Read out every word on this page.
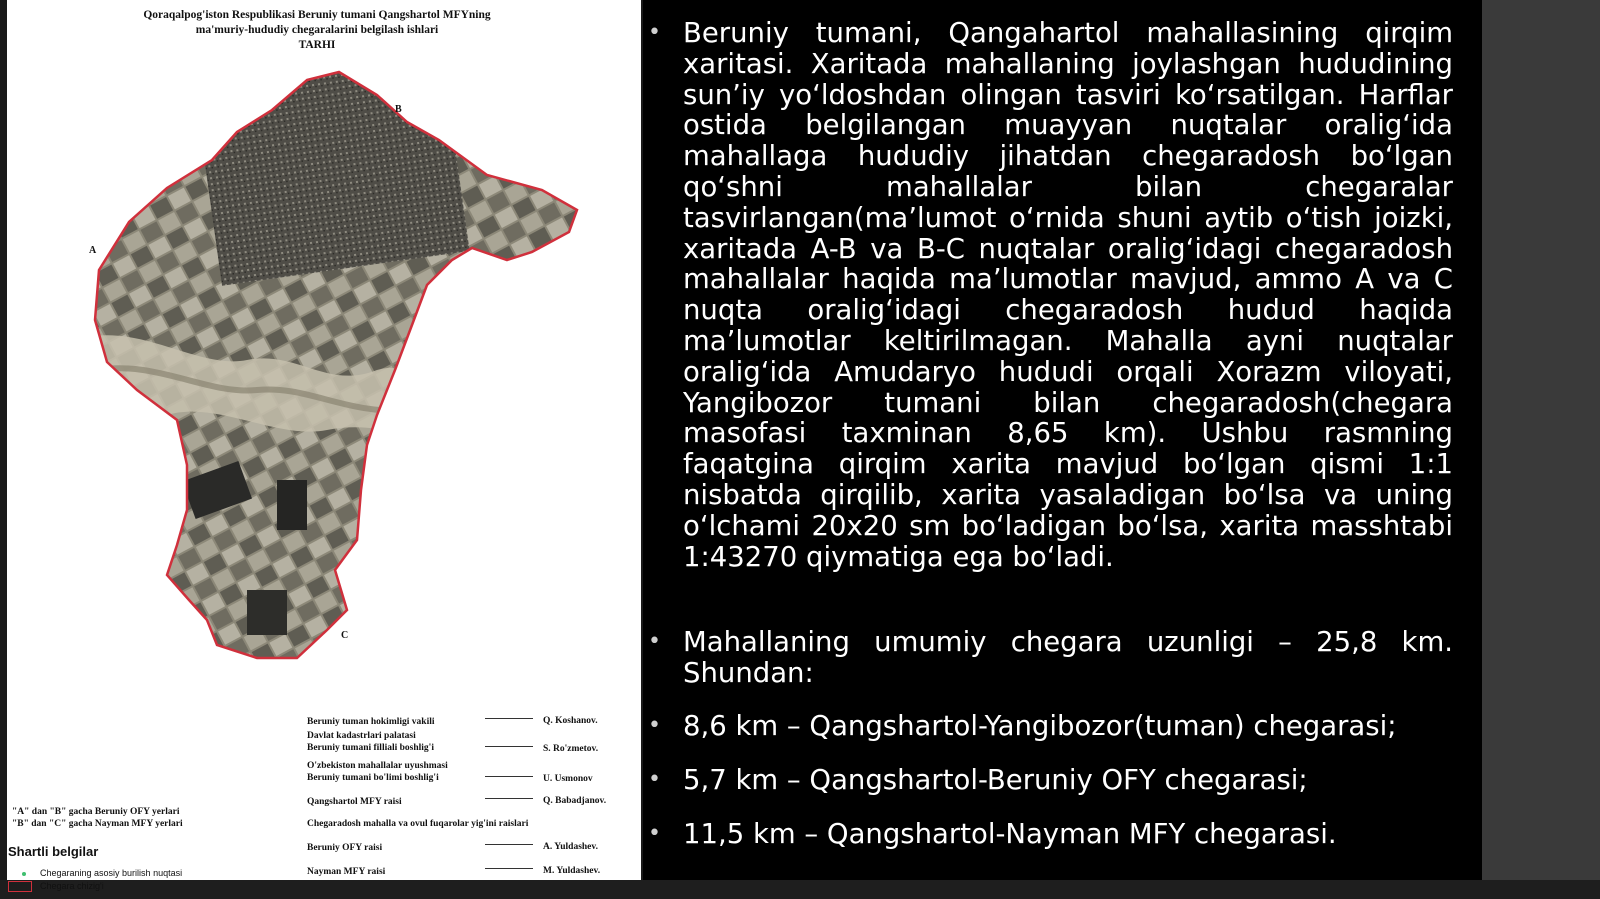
Qoraqalpog'iston Respublikasi Beruniy tumani Qangshartol MFYning
ma'muriy-hududiy chegaralarini belgilash ishlari
TARHI
B
A
C
Beruniy tuman hokimligi vakili	Q. Koshanov.
Davlat kadastrlari palatasi
Beruniy tumani filliali boshlig'i	S. Ro'zmetov.
O'zbekiston mahallalar uyushmasi
Beruniy tumani bo'limi boshlig'i	U. Usmonov
Qangshartol MFY raisi	Q. Babadjanov.
Chegaradosh mahalla va ovul fuqarolar yig'ini raislari
Beruniy OFY raisi	A. Yuldashev.
Nayman MFY raisi	M. Yuldashev.
"A" dan "B" gacha Beruniy OFY yerlari
"B" dan "C" gacha Nayman MFY yerlari
Shartli belgilar
Chegaraning asosiy burilish nuqtasi
Chegara chizig'i
• Beruniy tumani, Qangahartol mahallasining qirqim xaritasi. Xaritada mahallaning joylashgan hududining sun’iy yo‘ldoshdan olingan tasviri ko‘rsatilgan. Harflar ostida belgilangan muayyan nuqtalar oralig‘ida mahallaga hududiy jihatdan chegaradosh bo‘lgan qo‘shni mahallalar bilan chegaralar tasvirlangan(ma’lumot o‘rnida shuni aytib o‘tish joizki, xaritada A-B va B-C nuqtalar oralig‘idagi chegaradosh mahallalar haqida ma’lumotlar mavjud, ammo A va C nuqta oralig‘idagi chegaradosh hudud haqida ma’lumotlar keltirilmagan. Mahalla ayni nuqtalar oralig‘ida Amudaryo hududi orqali Xorazm viloyati, Yangibozor tumani bilan chegaradosh(chegara masofasi taxminan 8,65 km). Ushbu rasmning faqatgina qirqim xarita mavjud bo‘lgan qismi 1:1 nisbatda qirqilib, xarita yasaladigan bo‘lsa va uning o‘lchami 20x20 sm bo‘ladigan bo‘lsa, xarita masshtabi 1:43270 qiymatiga ega bo‘ladi.
• Mahallaning umumiy chegara uzunligi – 25,8 km. Shundan:
• 8,6 km – Qangshartol-Yangibozor(tuman) chegarasi;
• 5,7 km – Qangshartol-Beruniy OFY chegarasi;
• 11,5 km – Qangshartol-Nayman MFY chegarasi.
